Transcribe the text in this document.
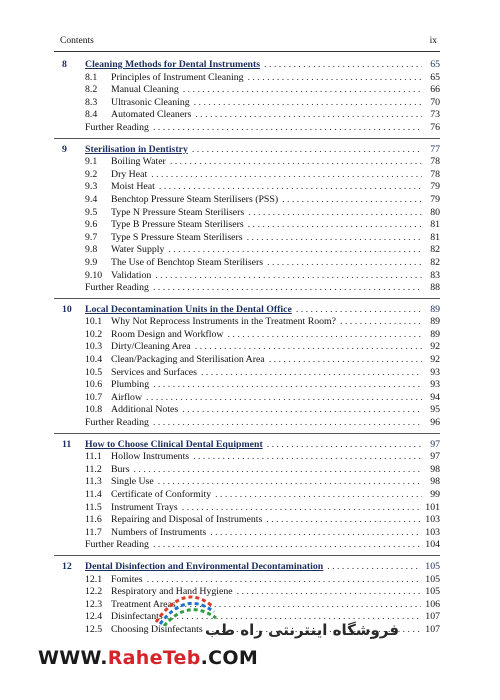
Contents	ix
8 Cleaning Methods for Dental Instruments . . .	65
8.1 Principles of Instrument Cleaning . . .	65
8.2 Manual Cleaning . . .	66
8.3 Ultrasonic Cleaning . . .	70
8.4 Automated Cleaners . . .	73
Further Reading . . .	76
9 Sterilisation in Dentistry . . .	77
9.1 Boiling Water . . .	78
9.2 Dry Heat . . .	78
9.3 Moist Heat . . .	79
9.4 Benchtop Pressure Steam Sterilisers (PSS) . . .	79
9.5 Type N Pressure Steam Sterilisers . . .	80
9.6 Type B Pressure Steam Sterilisers . . .	81
9.7 Type S Pressure Steam Sterilisers . . .	81
9.8 Water Supply . . .	82
9.9 The Use of Benchtop Steam Sterilisers . . .	82
9.10 Validation . . .	83
Further Reading . . .	88
10 Local Decontamination Units in the Dental Office . . .	89
10.1 Why Not Reprocess Instruments in the Treatment Room? . . .	89
10.2 Room Design and Workflow . . .	89
10.3 Dirty/Cleaning Area . . .	92
10.4 Clean/Packaging and Sterilisation Area . . .	92
10.5 Services and Surfaces . . .	93
10.6 Plumbing . . .	93
10.7 Airflow . . .	94
10.8 Additional Notes . . .	95
Further Reading . . .	96
11 How to Choose Clinical Dental Equipment . . .	97
11.1 Hollow Instruments . . .	97
11.2 Burs . . .	98
11.3 Single Use . . .	98
11.4 Certificate of Conformity . . .	99
11.5 Instrument Trays . . .	101
11.6 Repairing and Disposal of Instruments . . .	103
11.7 Numbers of Instruments . . .	103
Further Reading . . .	104
12 Dental Disinfection and Environmental Decontamination . . .	105
12.1 Fomites . . .	105
12.2 Respiratory and Hand Hygiene . . .	105
12.3 Treatment Areas . . .	106
12.4 Disinfectants . . .	107
12.5 Choosing Disinfectants . . .	107
فروشگاه اینترنتی راه طب
WWW.RaheTeb.COM
